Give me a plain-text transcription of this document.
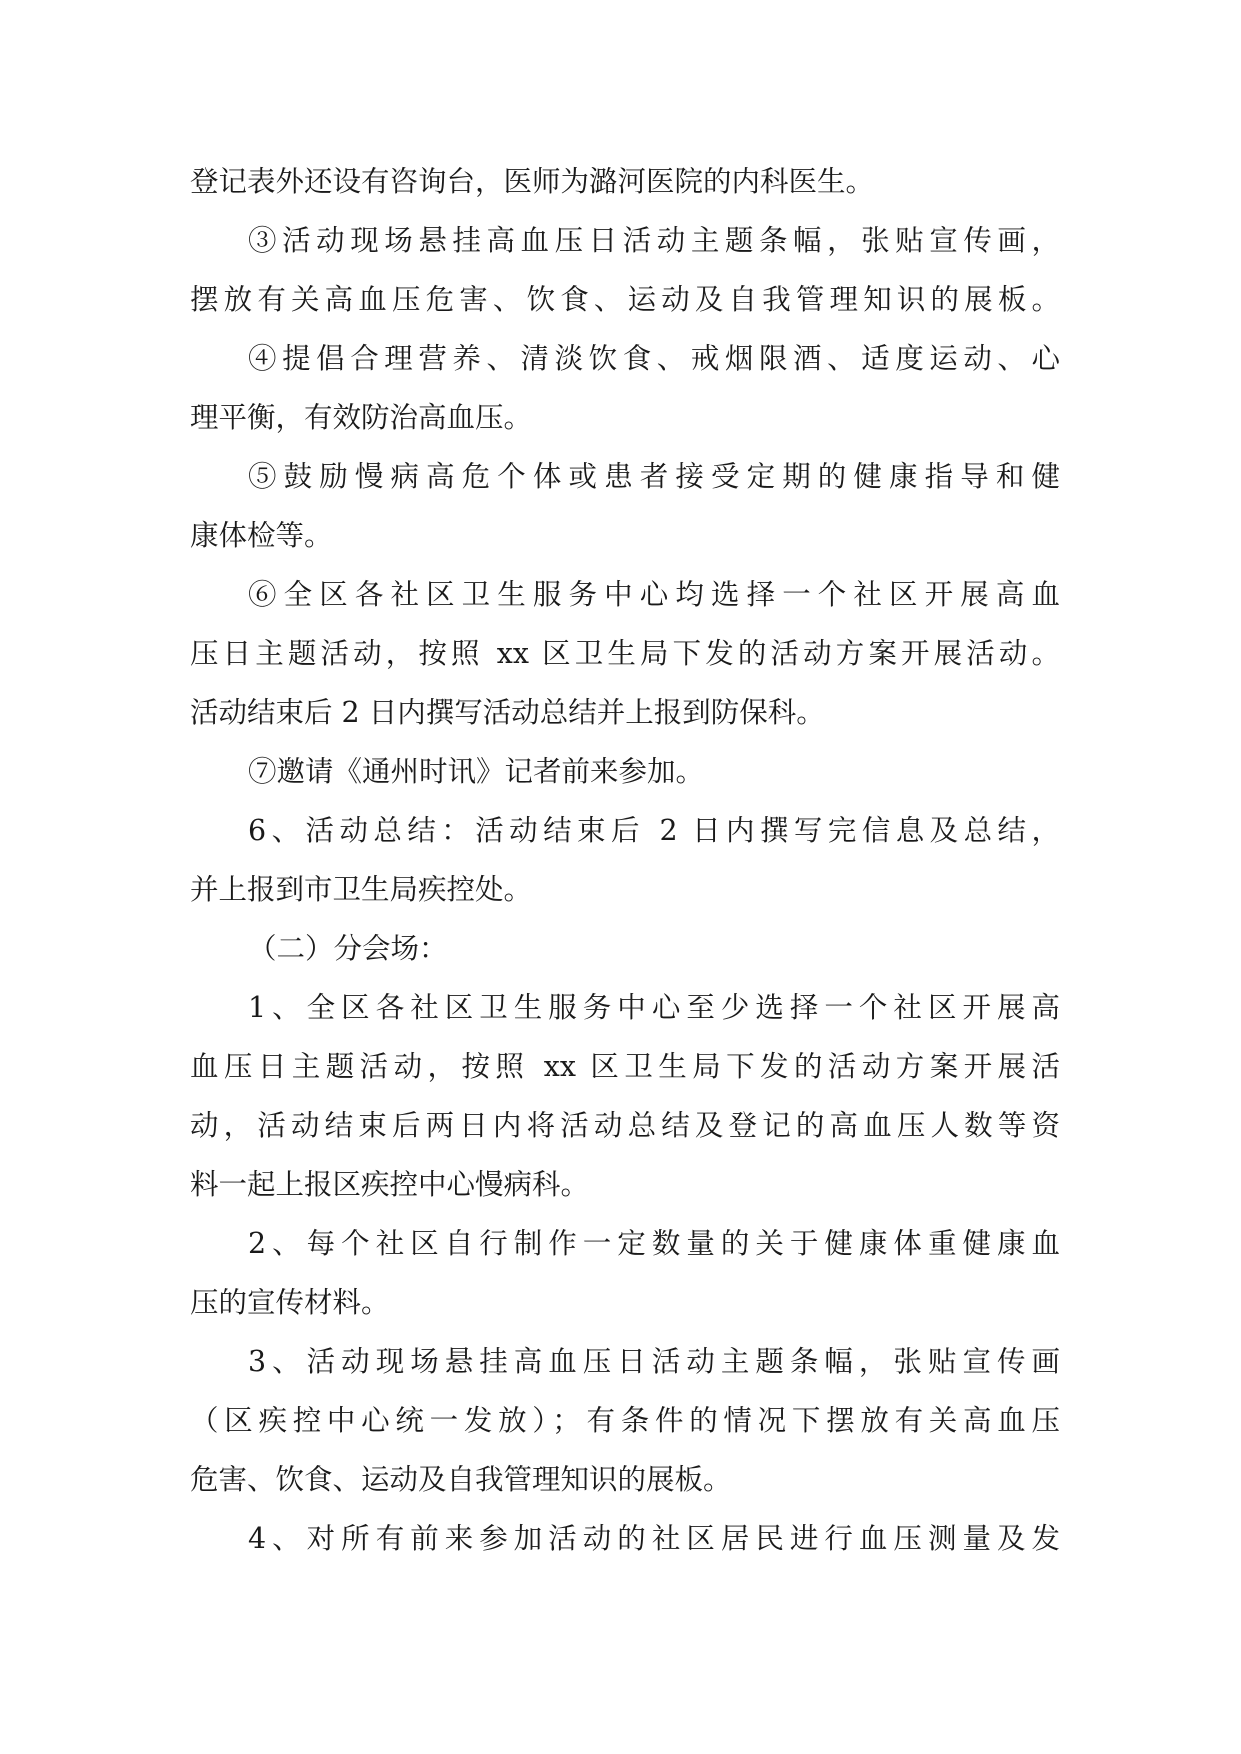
登记表外还设有咨询台，医师为潞河医院的内科医生。
③活动现场悬挂高血压日活动主题条幅，张贴宣传画，
摆放有关高血压危害、饮食、运动及自我管理知识的展板。
④提倡合理营养、清淡饮食、戒烟限酒、适度运动、心
理平衡，有效防治高血压。
⑤鼓励慢病高危个体或患者接受定期的健康指导和健
康体检等。
⑥全区各社区卫生服务中心均选择一个社区开展高血
压日主题活动，按照 xx 区卫生局下发的活动方案开展活动。
活动结束后 2 日内撰写活动总结并上报到防保科。
⑦邀请《通州时讯》记者前来参加。
6、活动总结：活动结束后 2 日内撰写完信息及总结，
并上报到市卫生局疾控处。
（二）分会场：
1、全区各社区卫生服务中心至少选择一个社区开展高
血压日主题活动，按照 xx 区卫生局下发的活动方案开展活
动，活动结束后两日内将活动总结及登记的高血压人数等资
料一起上报区疾控中心慢病科。
2、每个社区自行制作一定数量的关于健康体重健康血
压的宣传材料。
3、活动现场悬挂高血压日活动主题条幅，张贴宣传画
（区疾控中心统一发放）；有条件的情况下摆放有关高血压
危害、饮食、运动及自我管理知识的展板。
4、对所有前来参加活动的社区居民进行血压测量及发
